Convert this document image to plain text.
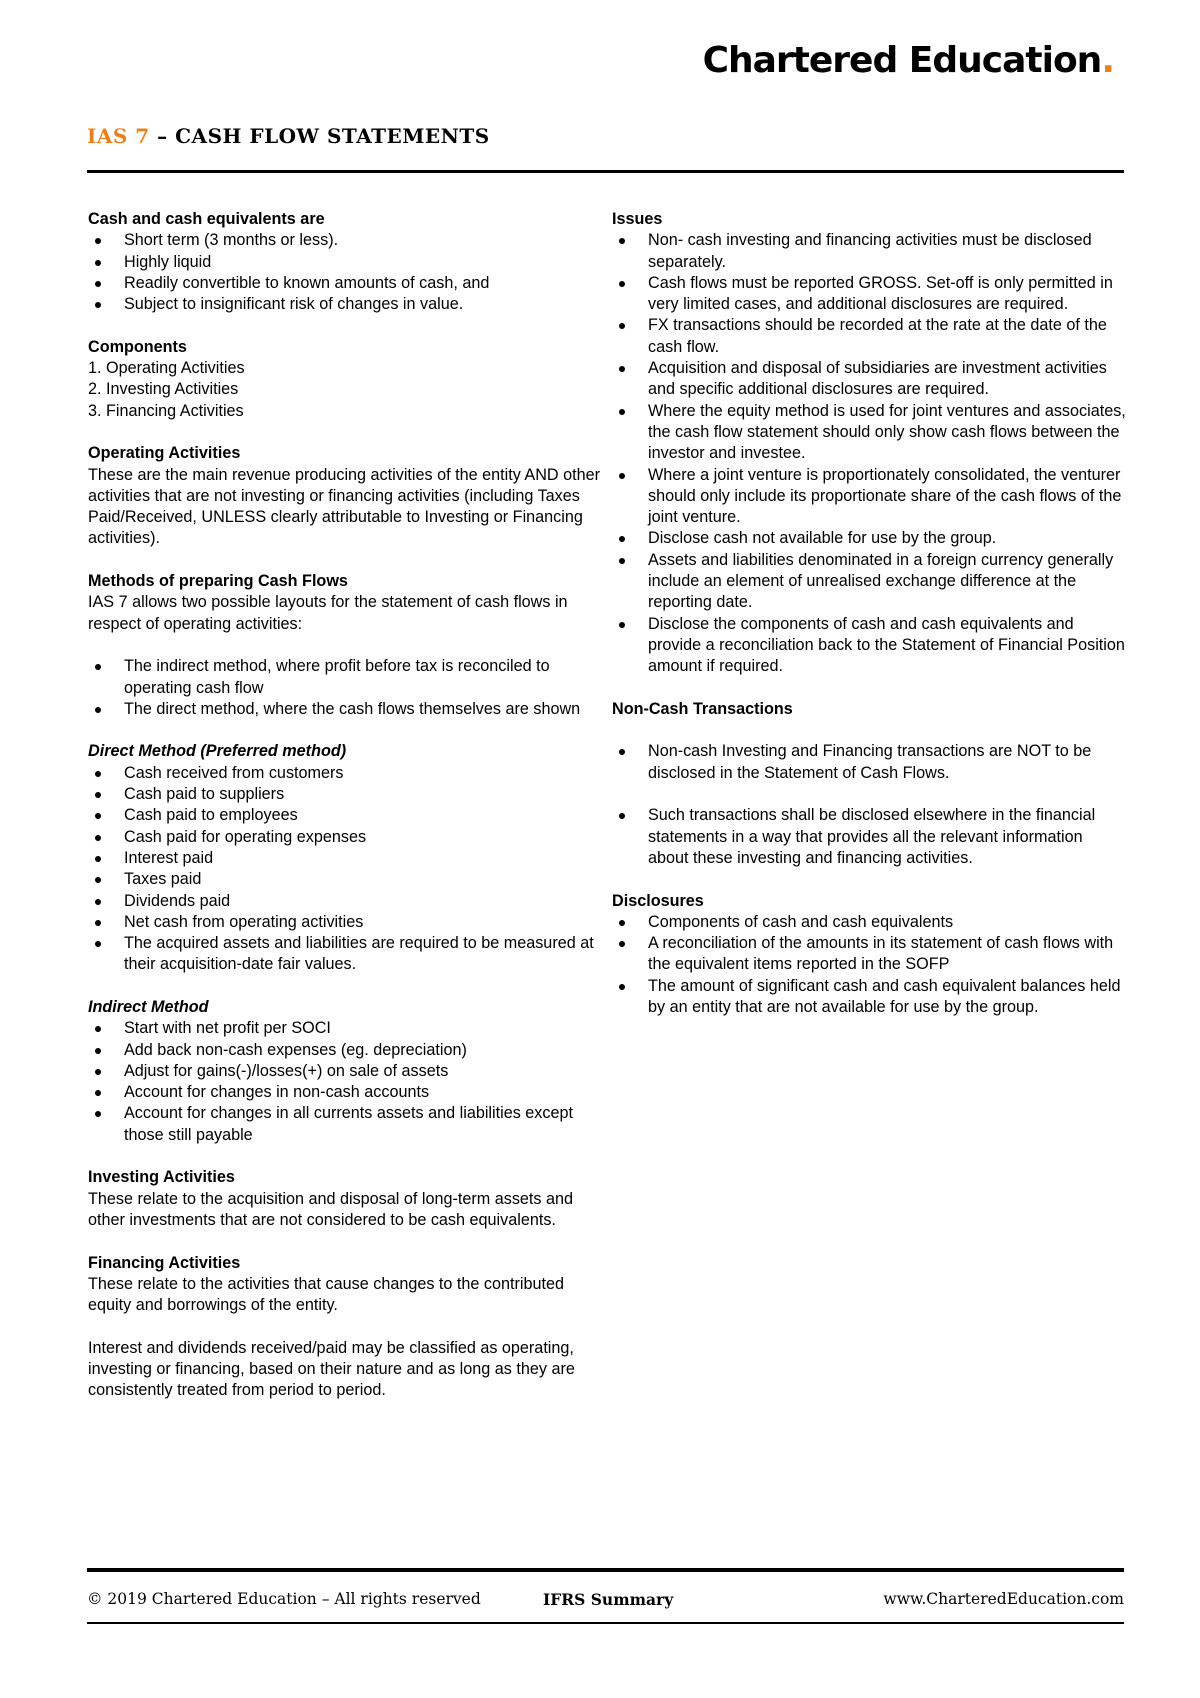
Chartered Education.
IAS 7 – CASH FLOW STATEMENTS
Cash and cash equivalents are
Short term (3 months or less).
Highly liquid
Readily convertible to known amounts of cash, and
Subject to insignificant risk of changes in value.
Components
1. Operating Activities
2. Investing Activities
3. Financing Activities
Operating Activities
These are the main revenue producing activities of the entity AND other activities that are not investing or financing activities (including Taxes Paid/Received, UNLESS clearly attributable to Investing or Financing activities).
Methods of preparing Cash Flows
IAS 7 allows two possible layouts for the statement of cash flows in respect of operating activities:
The indirect method, where profit before tax is reconciled to operating cash flow
The direct method, where the cash flows themselves are shown
Direct Method (Preferred method)
Cash received from customers
Cash paid to suppliers
Cash paid to employees
Cash paid for operating expenses
Interest paid
Taxes paid
Dividends paid
Net cash from operating activities
The acquired assets and liabilities are required to be measured at their acquisition-date fair values.
Indirect Method
Start with net profit per SOCI
Add back non-cash expenses (eg. depreciation)
Adjust for gains(-)/losses(+) on sale of assets
Account for changes in non-cash accounts
Account for changes in all currents assets and liabilities except those still payable
Investing Activities
These relate to the acquisition and disposal of long-term assets and other investments that are not considered to be cash equivalents.
Financing Activities
These relate to the activities that cause changes to the contributed equity and borrowings of the entity.
Interest and dividends received/paid may be classified as operating, investing or financing, based on their nature and as long as they are consistently treated from period to period.
Issues
Non- cash investing and financing activities must be disclosed separately.
Cash flows must be reported GROSS. Set-off is only permitted in very limited cases, and additional disclosures are required.
FX transactions should be recorded at the rate at the date of the cash flow.
Acquisition and disposal of subsidiaries are investment activities and specific additional disclosures are required.
Where the equity method is used for joint ventures and associates, the cash flow statement should only show cash flows between the investor and investee.
Where a joint venture is proportionately consolidated, the venturer should only include its proportionate share of the cash flows of the joint venture.
Disclose cash not available for use by the group.
Assets and liabilities denominated in a foreign currency generally include an element of unrealised exchange difference at the reporting date.
Disclose the components of cash and cash equivalents and provide a reconciliation back to the Statement of Financial Position amount if required.
Non-Cash Transactions
Non-cash Investing and Financing transactions are NOT to be disclosed in the Statement of Cash Flows.
Such transactions shall be disclosed elsewhere in the financial statements in a way that provides all the relevant information about these investing and financing activities.
Disclosures
Components of cash and cash equivalents
A reconciliation of the amounts in its statement of cash flows with the equivalent items reported in the SOFP
The amount of significant cash and cash equivalent balances held by an entity that are not available for use by the group.
© 2019 Chartered Education – All rights reserved	IFRS Summary	www.CharteredEducation.com
